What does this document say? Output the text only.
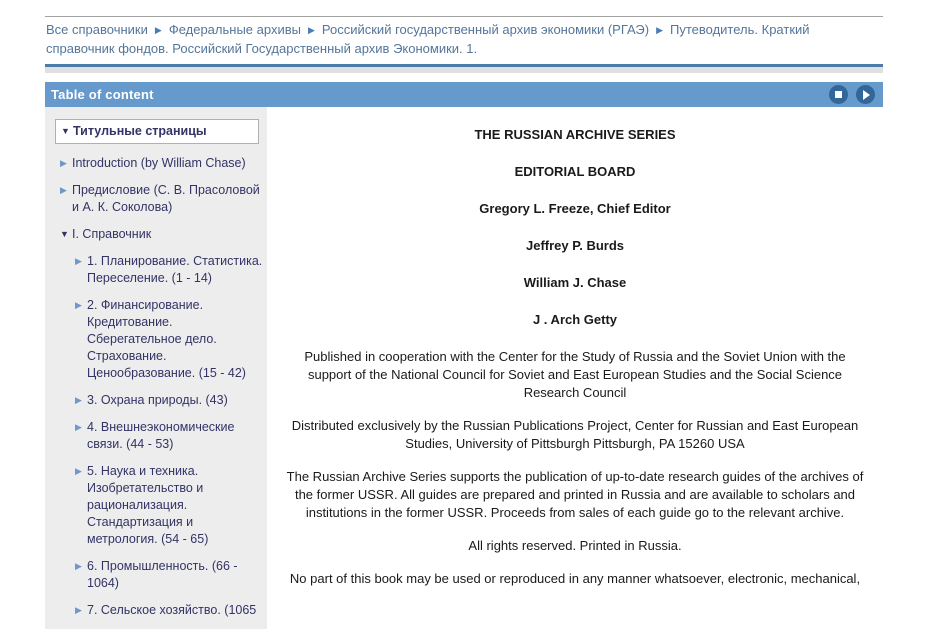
Все справочники ▶ Федеральные архивы ▶ Российский государственный архив экономики (РГАЭ) ▶ Путеводитель. Краткий справочник фондов. Российский Государственный архив Экономики. 1.
Table of content
▼ Титульные страницы
▶ Introduction (by William Chase)
▶ Предисловие (С. В. Прасоловой и А. К. Соколова)
▼ I. Справочник
▶ 1. Планирование. Статистика. Переселение. (1 - 14)
▶ 2. Финансирование. Кредитование. Сберегательное дело. Страхование. Ценообразование. (15 - 42)
▶ 3. Охрана природы. (43)
▶ 4. Внешнеэкономические связи. (44 - 53)
▶ 5. Наука и техника. Изобретательство и рационализация. Стандартизация и метрология. (54 - 65)
▶ 6. Промышленность. (66 - 1064)
▶ 7. Сельское хозяйство. (1065
THE RUSSIAN ARCHIVE SERIES
EDITORIAL BOARD
Gregory L. Freeze, Chief Editor
Jeffrey P. Burds
William J. Chase
J . Arch Getty
Published in cooperation with the Center for the Study of Russia and the Soviet Union with the support of the National Council for Soviet and East European Studies and the Social Science Research Council
Distributed exclusively by the Russian Publications Project, Center for Russian and East European Studies, University of Pittsburgh Pittsburgh, PA 15260 USA
The Russian Archive Series supports the publication of up-to-date research guides of the archives of the former USSR. All guides are prepared and printed in Russia and are available to scholars and institutions in the former USSR. Proceeds from sales of each guide go to the relevant archive.
All rights reserved. Printed in Russia.
No part of this book may be used or reproduced in any manner whatsoever, electronic, mechanical,
